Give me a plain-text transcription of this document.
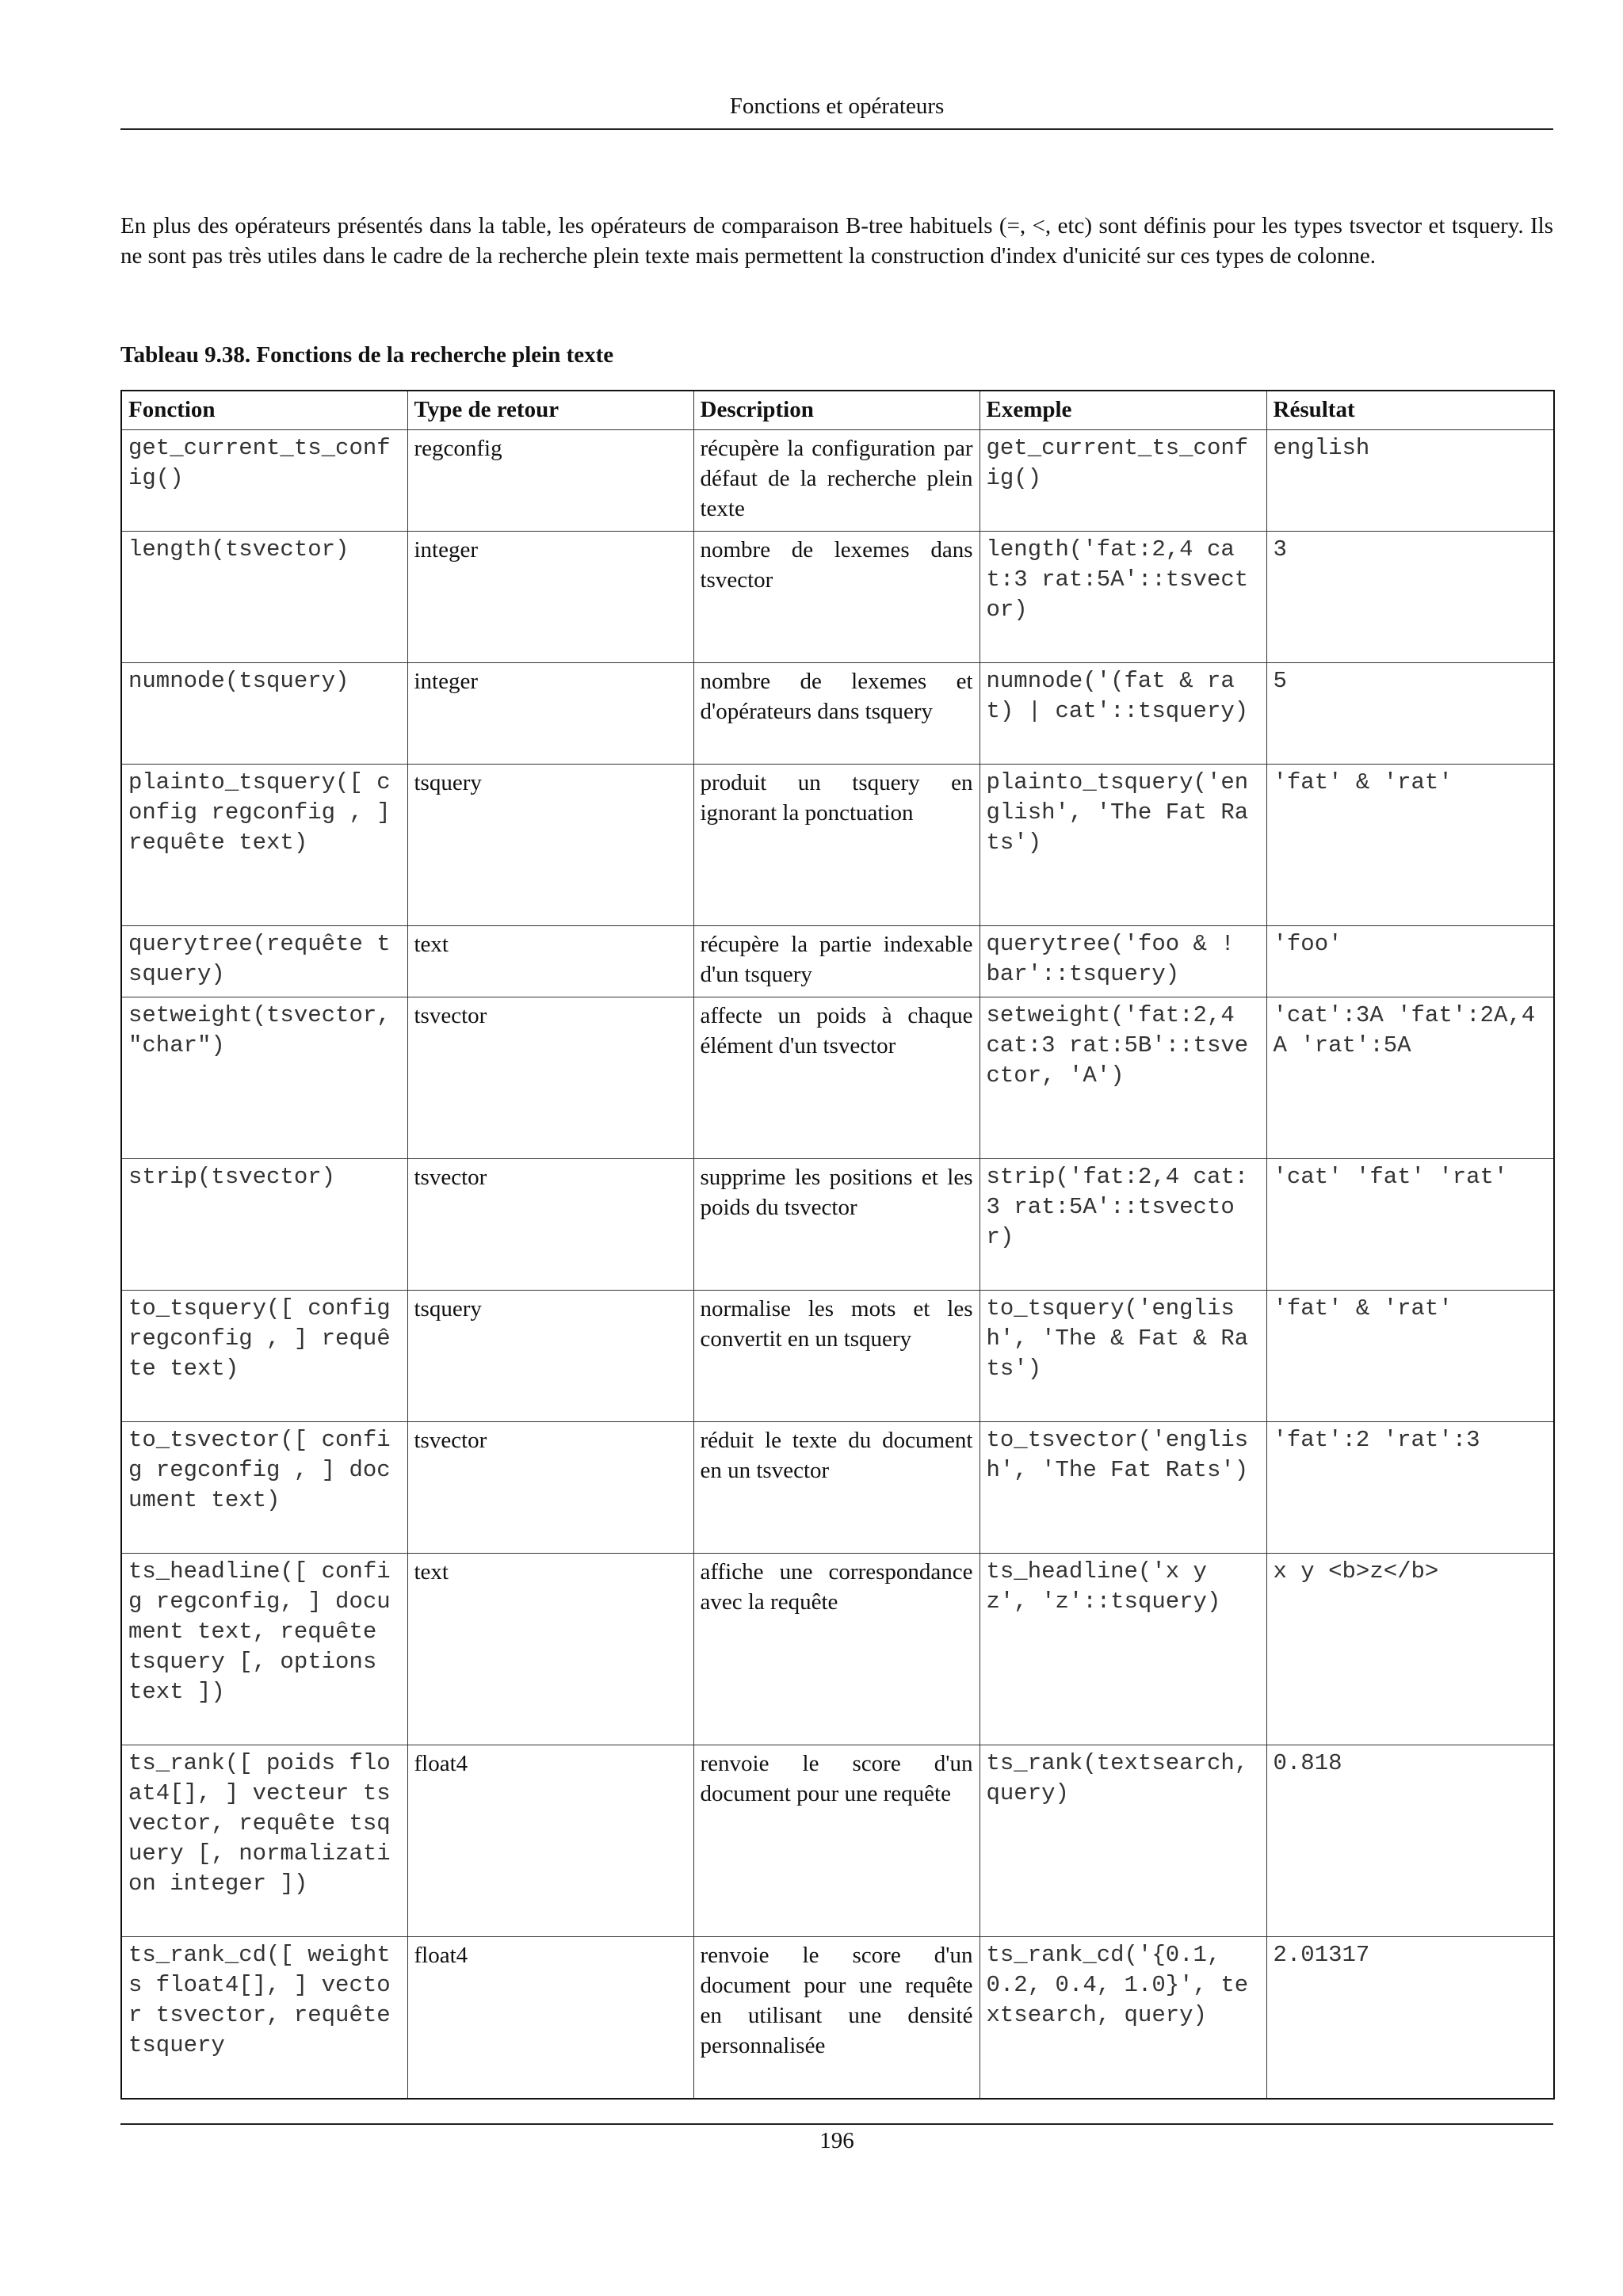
Fonctions et opérateurs

En plus des opérateurs présentés dans la table, les opérateurs de comparaison B-tree habituels (=, <, etc) sont définis pour les types tsvector et tsquery. Ils ne sont pas très utiles dans le cadre de la recherche plein texte mais permettent la construction d'index d'unicité sur ces types de colonne.

Tableau 9.38. Fonctions de la recherche plein texte
Fonction	Type de retour	Description	Exemple	Résultat
get_current_ts_config()	regconfig	récupère la configuration par défaut de la recherche plein texte	get_current_ts_config()	english
length(tsvector)	integer	nombre de lexemes dans tsvector	length('fat:2,4 cat:3 rat:5A'::tsvector)	3
numnode(tsquery)	integer	nombre de lexemes et d'opérateurs dans tsquery	numnode('(fat & rat) | cat'::tsquery)	5
plainto_tsquery([ config regconfig , ] requête text)	tsquery	produit un tsquery en ignorant la ponctuation	plainto_tsquery('english', 'The Fat Rats')	'fat' & 'rat'
querytree(requête tsquery)	text	récupère la partie indexable d'un tsquery	querytree('foo & ! bar'::tsquery)	'foo'
setweight(tsvector, "char")	tsvector	affecte un poids à chaque élément d'un tsvector	setweight('fat:2,4 cat:3 rat:5B'::tsvector, 'A')	'cat':3A 'fat':2A,4A 'rat':5A
strip(tsvector)	tsvector	supprime les positions et les poids du tsvector	strip('fat:2,4 cat:3 rat:5A'::tsvector)	'cat' 'fat' 'rat'
to_tsquery([ config regconfig , ] requête text)	tsquery	normalise les mots et les convertit en un tsquery	to_tsquery('english', 'The & Fat & Rats')	'fat' & 'rat'
to_tsvector([ config regconfig , ] document text)	tsvector	réduit le texte du document en un tsvector	to_tsvector('english', 'The Fat Rats')	'fat':2 'rat':3
ts_headline([ config regconfig, ] document text, requête tsquery [, options text ])	text	affiche une correspondance avec la requête	ts_headline('x y z', 'z'::tsquery)	x y <b>z</b>
ts_rank([ poids float4[], ] vecteur tsvector, requête tsquery [, normalization integer ])	float4	renvoie le score d'un document pour une requête	ts_rank(textsearch, query)	0.818
ts_rank_cd([ weights float4[], ] vector tsvector, requête tsquery	float4	renvoie le score d'un document pour une requête en utilisant une densité personnalisée	ts_rank_cd('{0.1, 0.2, 0.4, 1.0}', textsearch, query)	2.01317
196
